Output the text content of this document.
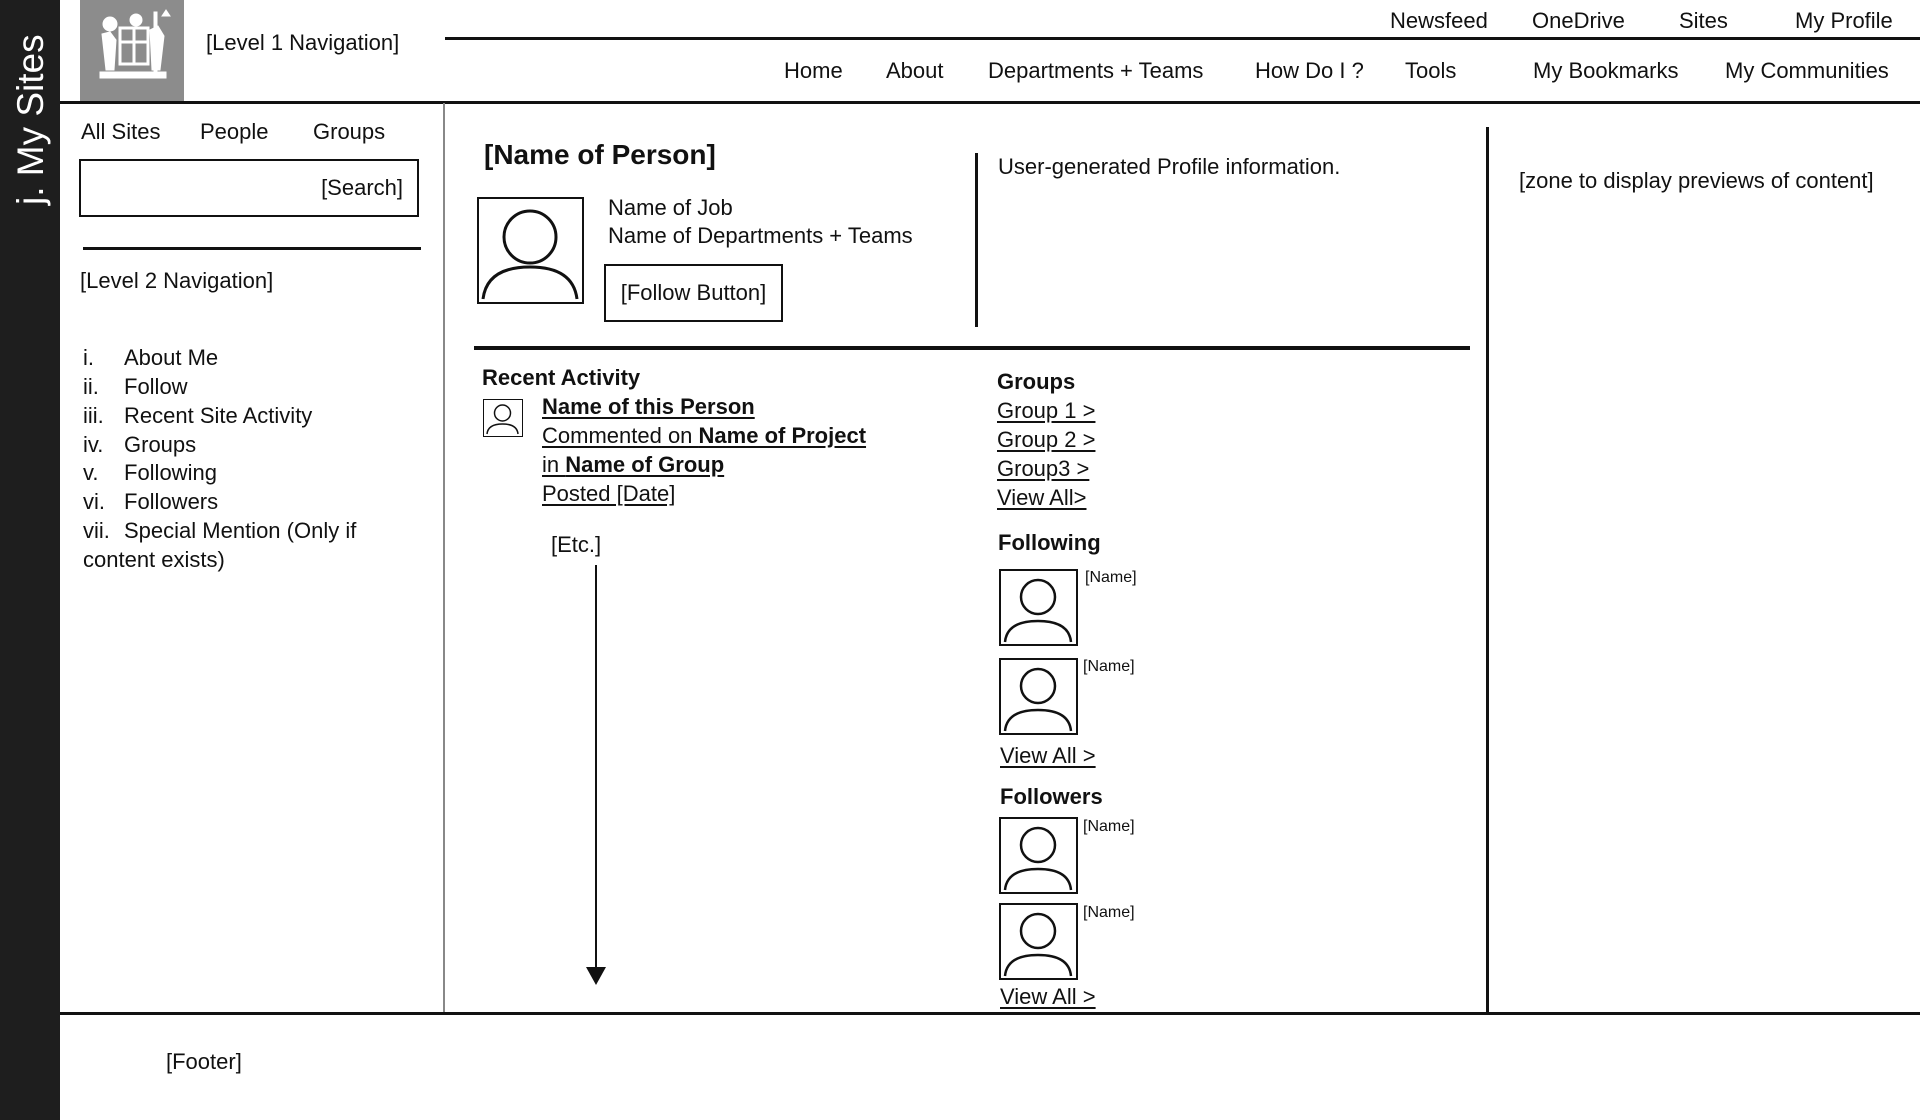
j. My Sites	[Level 1 Navigation]
Newsfeed OneDrive Sites	My Profile
Home About Departments + Teams How Do I ? Tools	My Bookmarks My Communities
All Sites People Groups
[Search]
[Level 2 Navigation]
i. About Me
ii. Follow
iii. Recent Site Activity
iv. Groups
v. Following
vi. Followers
vii. Special Mention (Only if
content exists)
[Name of Person]
Name of Job
Name of Departments + Teams
[Follow Button]
User-generated Profile information.
[zone to display previews of content]
Recent Activity
Name of this Person
Commented on Name of Project
in Name of Group
Posted [Date]
[Etc.]
Groups
Group 1 >
Group 2 >
Group3 >
View All>
Following
[Name]
[Name]
View All >
Followers
[Name]
[Name]
View All >
[Footer]
